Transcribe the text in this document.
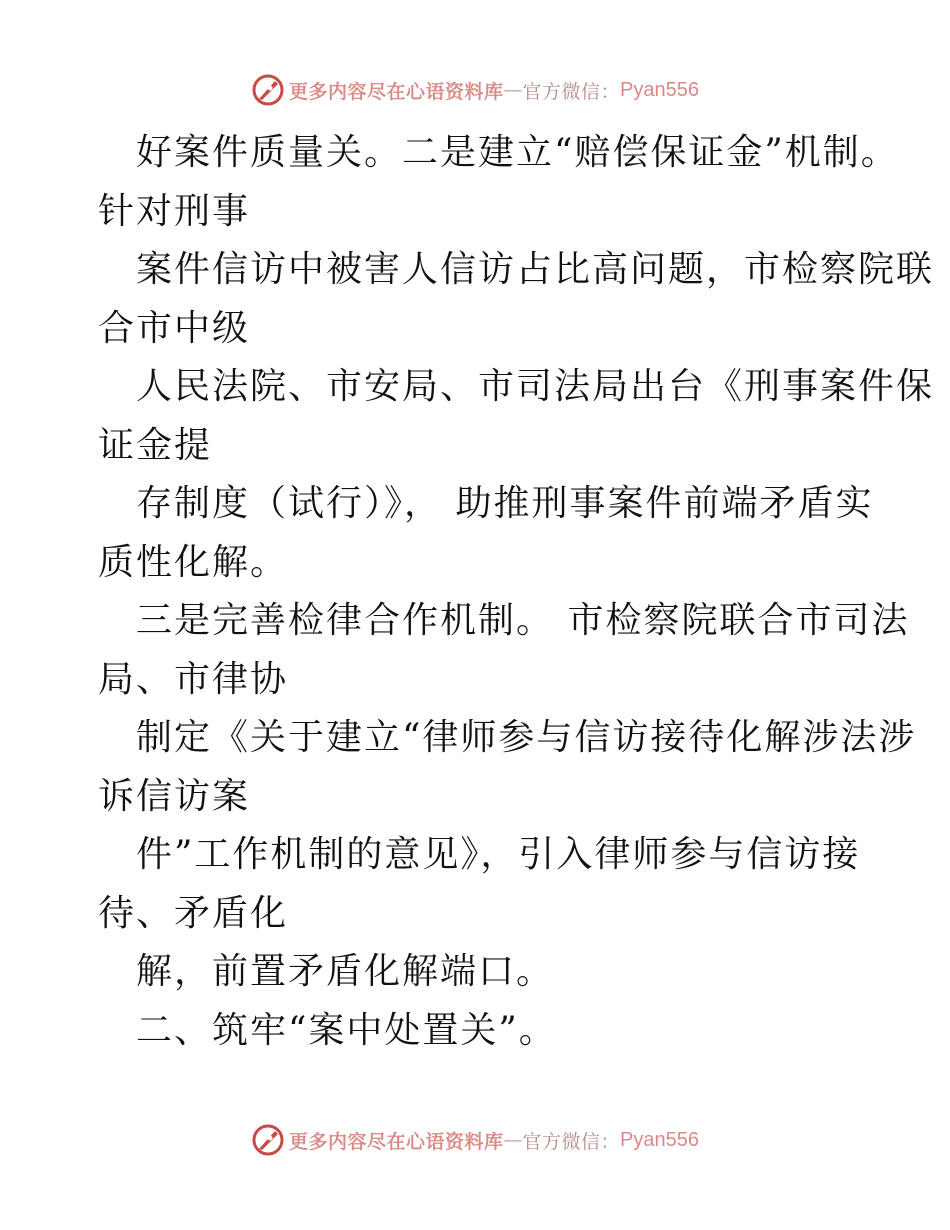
更多内容尽在心语资料库 — 官方微信： Pyan556
好案件质量关。二是建立“赔偿保证金”机制。
针对刑事
案件信访中被害人信访占比高问题，市检察院联
合市中级
人民法院、市安局、市司法局出台《刑事案件保
证金提
存制度（试行）》， 助推刑事案件前端矛盾实
质性化解。
三是完善检律合作机制。 市检察院联合市司法
局、市律协
制定《关于建立“律师参与信访接待化解涉法涉
诉信访案
件”工作机制的意见》，引入律师参与信访接
待、矛盾化
解，前置矛盾化解端口。
二、筑牢“案中处置关”。
更多内容尽在心语资料库 — 官方微信： Pyan556
